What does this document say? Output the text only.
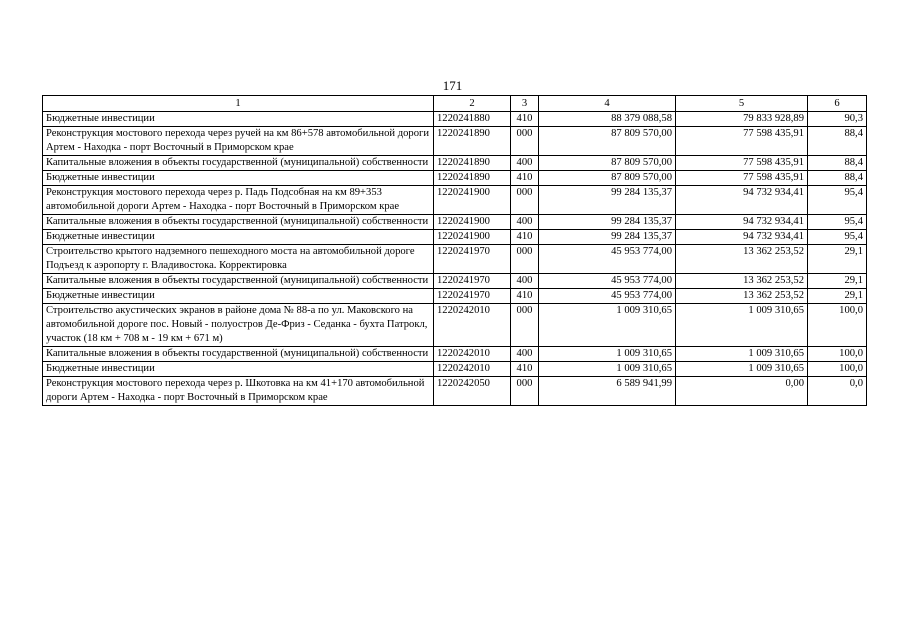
171
1	2	3	4	5	6
Бюджетные инвестиции	1220241880	410	88 379 088,58	79 833 928,89	90,3
Реконструкция мостового перехода через ручей на км 86+578 автомобильной дороги Артем - Находка - порт Восточный в Приморском крае	1220241890	000	87 809 570,00	77 598 435,91	88,4
Капитальные вложения в объекты государственной (муниципальной) собственности	1220241890	400	87 809 570,00	77 598 435,91	88,4
Бюджетные инвестиции	1220241890	410	87 809 570,00	77 598 435,91	88,4
Реконструкция мостового перехода через р. Падь Подсобная на км 89+353 автомобильной дороги Артем - Находка - порт Восточный в Приморском крае	1220241900	000	99 284 135,37	94 732 934,41	95,4
Капитальные вложения в объекты государственной (муниципальной) собственности	1220241900	400	99 284 135,37	94 732 934,41	95,4
Бюджетные инвестиции	1220241900	410	99 284 135,37	94 732 934,41	95,4
Строительство крытого надземного пешеходного моста на автомобильной дороге Подъезд к аэропорту г. Владивостока. Корректировка	1220241970	000	45 953 774,00	13 362 253,52	29,1
Капитальные вложения в объекты государственной (муниципальной) собственности	1220241970	400	45 953 774,00	13 362 253,52	29,1
Бюджетные инвестиции	1220241970	410	45 953 774,00	13 362 253,52	29,1
Строительство акустических экранов в районе дома № 88-а по ул. Маковского на автомобильной дороге пос. Новый - полуостров Де-Фриз - Седанка - бухта Патрокл, участок (18 км + 708 м - 19 км + 671 м)	1220242010	000	1 009 310,65	1 009 310,65	100,0
Капитальные вложения в объекты государственной (муниципальной) собственности	1220242010	400	1 009 310,65	1 009 310,65	100,0
Бюджетные инвестиции	1220242010	410	1 009 310,65	1 009 310,65	100,0
Реконструкция мостового перехода через р. Шкотовка на км 41+170 автомобильной дороги Артем - Находка - порт Восточный в Приморском крае	1220242050	000	6 589 941,99	0,00	0,0
